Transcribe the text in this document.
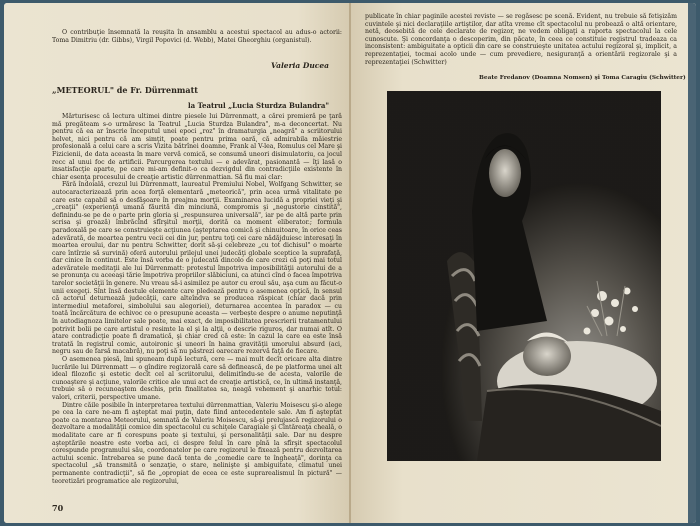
O contribuţie însemnată la reuşita în ansamblu a acestui spectacol au adus-o actorii: Toma Dimitriu (dr. Gibbs), Virgil Popovici (d. Webb), Matei Gheorghiu (organistul).

Valeria Ducea
„METEORUL" de Fr. Dürrenmatt
la Teatrul „Lucia Sturdza Bulandra"

Mărturisesc că lectura ultimei dintre piesele lui Dürrenmatt, a cărei premieră pe ţară mă pregăteam s-o urmăresc la Teatrul „Lucia Sturdza Bulandra", m-a deconcertat. Nu pentru că ea ar înscrie începutul unei epoci „roz" în dramaturgia „neagră" a scriitorului helvet, nici pentru că am simţit, poate pentru prima oară, că admirabila măiestrie profesională a celui care a scris Vizita bătrînei doamne, Frank al V-lea, Romulus cel Mare şi Fizicienii, de data aceasta în mare vervă comică, se consumă uneori disimulatoriu, ca jocul recc al unui foc de artificii. Parcurgerea textului — e adevărat, pasionantă — îţi lasă o insatisfacţie aparte, pe care mi-am definit-o ca dezvigdul din contradicţiile existente în chiar esenţa procesului de creaţie artistic dürrenmattian. Să fiu mai clar:

Fără îndoială, crezul lui Dürrenmatt, laureatul Premiului Nobel, Wolfgang Schwitter, se autocaracterizează prin acea forţă elementară „meteorică", prin acea urmă vitalitate pe care este capabil să o desfăşoare în preajma morţii. Examinarea lucidă a propriei vieţi şi „creaţii" (experienţă umană făurită din minciună, compromis şi „negustorie cinstită", definindu-se pe de o parte prin gloria şi „respunsurea universală", iar pe de altă parte prin scrisa şi groază) îmbrăcînd sfîrşitul morţii, dorită ca moment eliberator.; formula paradoxală pe care se construieşte acţiunea (aşteptarea comică şi chinuitoare, în orice ceas adevărată, de moartea pentru vecii cei din jur, pentru toţi cei care nădăjduiesc interesaţi în moartea eroului, dar nu pentru Schwitter, dorit să-şi celebreze „cu tot dichisul" o moarte care întîrzie să survină) oferă autorului prilejul unei judecăţi globale sceptice la suprafaţă, dar cinice în continut. Este însă vorba de o judecată dincolo de care crezi că poţi mai totul adevăratele meditaţii ale lui Dürrenmatt: protestul împotriva imposibilităţii autorului de a se pronunţa cu aceeaşi tărie împotriva propriilor slăbiciuni, ca atunci cînd o facea împotriva tarelor societăţii în genere. Nu vreau să-i asimilez pe autor cu eroul său, aşa cum au făcut-o unii exegeţi. Sînt însă destule elemente care pledează pentru o asemenea opţică, în sensul că actorul deturnează judecăţii, care alteîndva se producea răspicat (chiar dacă prin intermediul metaforei, simbolului sau alegoriei), deturnarea accentea în paradox — cu toată încărcătura de echivoc ce o presupune aceasta — verbește despre o anume neputinţă în autodiagnoza limitelor sale poate, mai exact, de imposibilitatea prescrierii tratamentului potrivit bolii pe care artistul o resimte la el şi la alţii, o descrie riguros, dar numai atît. O atare contradicţie poate fi dramatică, şi chiar cred că este: în cazul la care ea este însă tratată în registrul comic, autoironic şi uneori în haina gravităţii umorului absurd (aci, negru sau de farsă macabră), nu poţi să nu păstrezi oarecare rezervă faţă de fiecare.

O asemenea piesă, îmi spuneam după lectură, cere — mai mult decît oricare alta dintre lucrările lui Dürrenmatt — o gîndire regizorală care să definească, de pe platforma unei alt ideal filozofic şi estetic decît cel al scriitorului, delimitîndu-se de acesta, valorile de cunoaştere şi acţiune, valorile critice ale unui act de creaţie artistică, ce, în ultimă instanţă, trebuie să o recunoaştem deschis, prin finalitatea sa, neagă vehement şi anarhic totul: valori, criterii, perspective umane.

Dintre căile posibile în interpretarea textului dürrenmattian, Valeriu Moisescu şi-o alege pe cea la care ne-am fi aşteptat mai puţin, date fiind antecedentele sale. Am fi aşteptat poate ca montarea Meteorului, semnată de Valeriu Moisescu, să-şi prelujască regizorului o dezvoltare a modalităţii comice din spectacolul cu schiţele Caragiale şi Cîntăreaţa cheală, o modalitate care ar fi corespuns poate şi textului, şi personalităţii sale. Dar nu despre aşteptările noastre este vorba aci, ci despre felul în care pînă la sfîrşit spectacolul corespunde programului său, coordonatelor pe care regizorul le fixează pentru dezvoltarea actului scenic. Intrebarea se pune dacă tenta de „comedie care te îngheaţă", dorinţa ca spectacolul „să transmită o senzaţie, o stare, nelinişte şi ambiguitate, climatul unei permanente contradicţii", să fie „opropiat de ecea ce este suprarealismul în pictură" — teoretizări programatice ale regizorului,

70

publicate în chiar paginile acestei reviste — se regăsesc pe scenă. Evident, nu trebuie să fetişizăm cuvintele şi nici declaraţiile artiştilor, dar atîta vreme cît spectacolul nu probează o altă orientare, netă, deosebită de cele declarate de regizor, ne vedem obligaţi a raporta spectacolul la cele cunoscute. Şi concordanţa o descoperim, din păcate, în ceea ce constituie registrul tradeaza ca inconsistent: ambiguitate a opticii din care se construieşte unitatea actului regizoral şi, implicit, a reprezentaţiei, tocmai acolo unde — cum prevediere, nesiguranţă a orientării regizorale şi a reprezentaţiei (Schwitter)

Beate Fredanov (Doamna Nomsen) şi Toma Caragiu (Schwitter)
